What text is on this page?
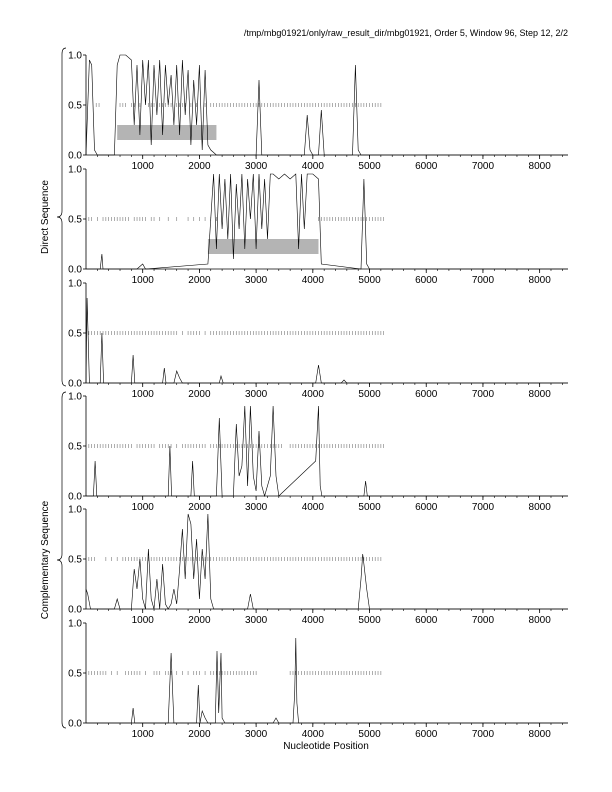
/tmp/mbg01921/only/raw_result_dir/mbg01921, Order 5, Window 96, Step 12, 2/2
0.0
0.5
1.0
1000	2000	3000	4000	5000	6000	7000	8000
0.0
0.5
1.0
1000	2000	3000	4000	5000	6000	7000	8000
0.0
0.5
1.0
1000	2000	3000	4000	5000	6000	7000	8000
0.0
0.5
1.0
1000	2000	3000	4000	5000	6000	7000	8000
0.0
0.5
1.0
1000	2000	3000	4000	5000	6000	7000	8000
0.0
0.5
1.0
1000	2000	3000	4000	5000	6000	7000	8000
Direct Sequence
Complementary Sequence
Nucleotide Position
